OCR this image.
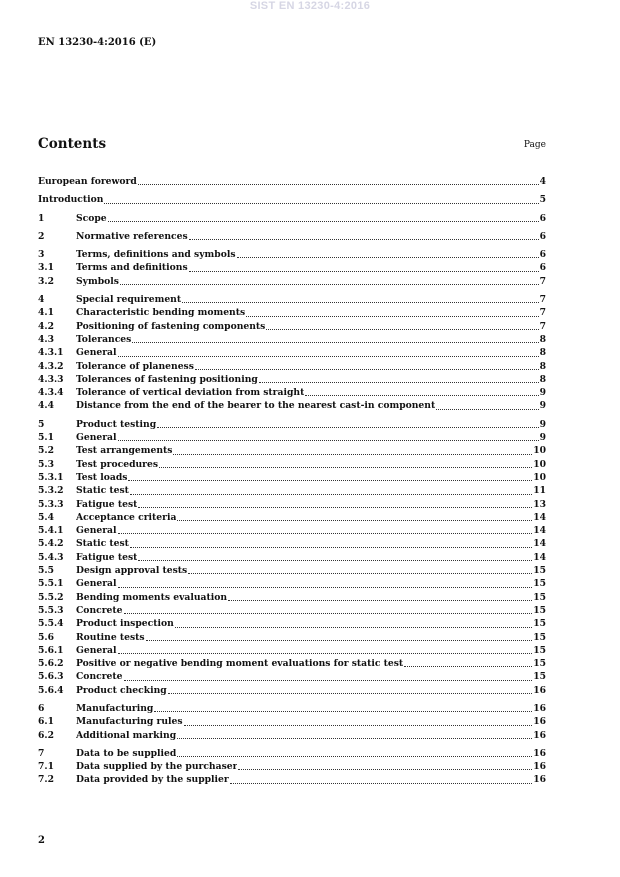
SIST EN 13230-4:2016
EN 13230-4:2016 (E)
Contents	Page
European foreword	4
Introduction	5
1	Scope	6
2	Normative references	6
3	Terms, definitions and symbols	6
3.1	Terms and definitions	6
3.2	Symbols	7
4	Special requirement	7
4.1	Characteristic bending moments	7
4.2	Positioning of fastening components	7
4.3	Tolerances	8
4.3.1	General	8
4.3.2	Tolerance of planeness	8
4.3.3	Tolerances of fastening positioning	8
4.3.4	Tolerance of vertical deviation from straight	9
4.4	Distance from the end of the bearer to the nearest cast-in component	9
5	Product testing	9
5.1	General	9
5.2	Test arrangements	10
5.3	Test procedures	10
5.3.1	Test loads	10
5.3.2	Static test	11
5.3.3	Fatigue test	13
5.4	Acceptance criteria	14
5.4.1	General	14
5.4.2	Static test	14
5.4.3	Fatigue test	14
5.5	Design approval tests	15
5.5.1	General	15
5.5.2	Bending moments evaluation	15
5.5.3	Concrete	15
5.5.4	Product inspection	15
5.6	Routine tests	15
5.6.1	General	15
5.6.2	Positive or negative bending moment evaluations for static test	15
5.6.3	Concrete	15
5.6.4	Product checking	16
6	Manufacturing	16
6.1	Manufacturing rules	16
6.2	Additional marking	16
7	Data to be supplied	16
7.1	Data supplied by the purchaser	16
7.2	Data provided by the supplier	16
2
